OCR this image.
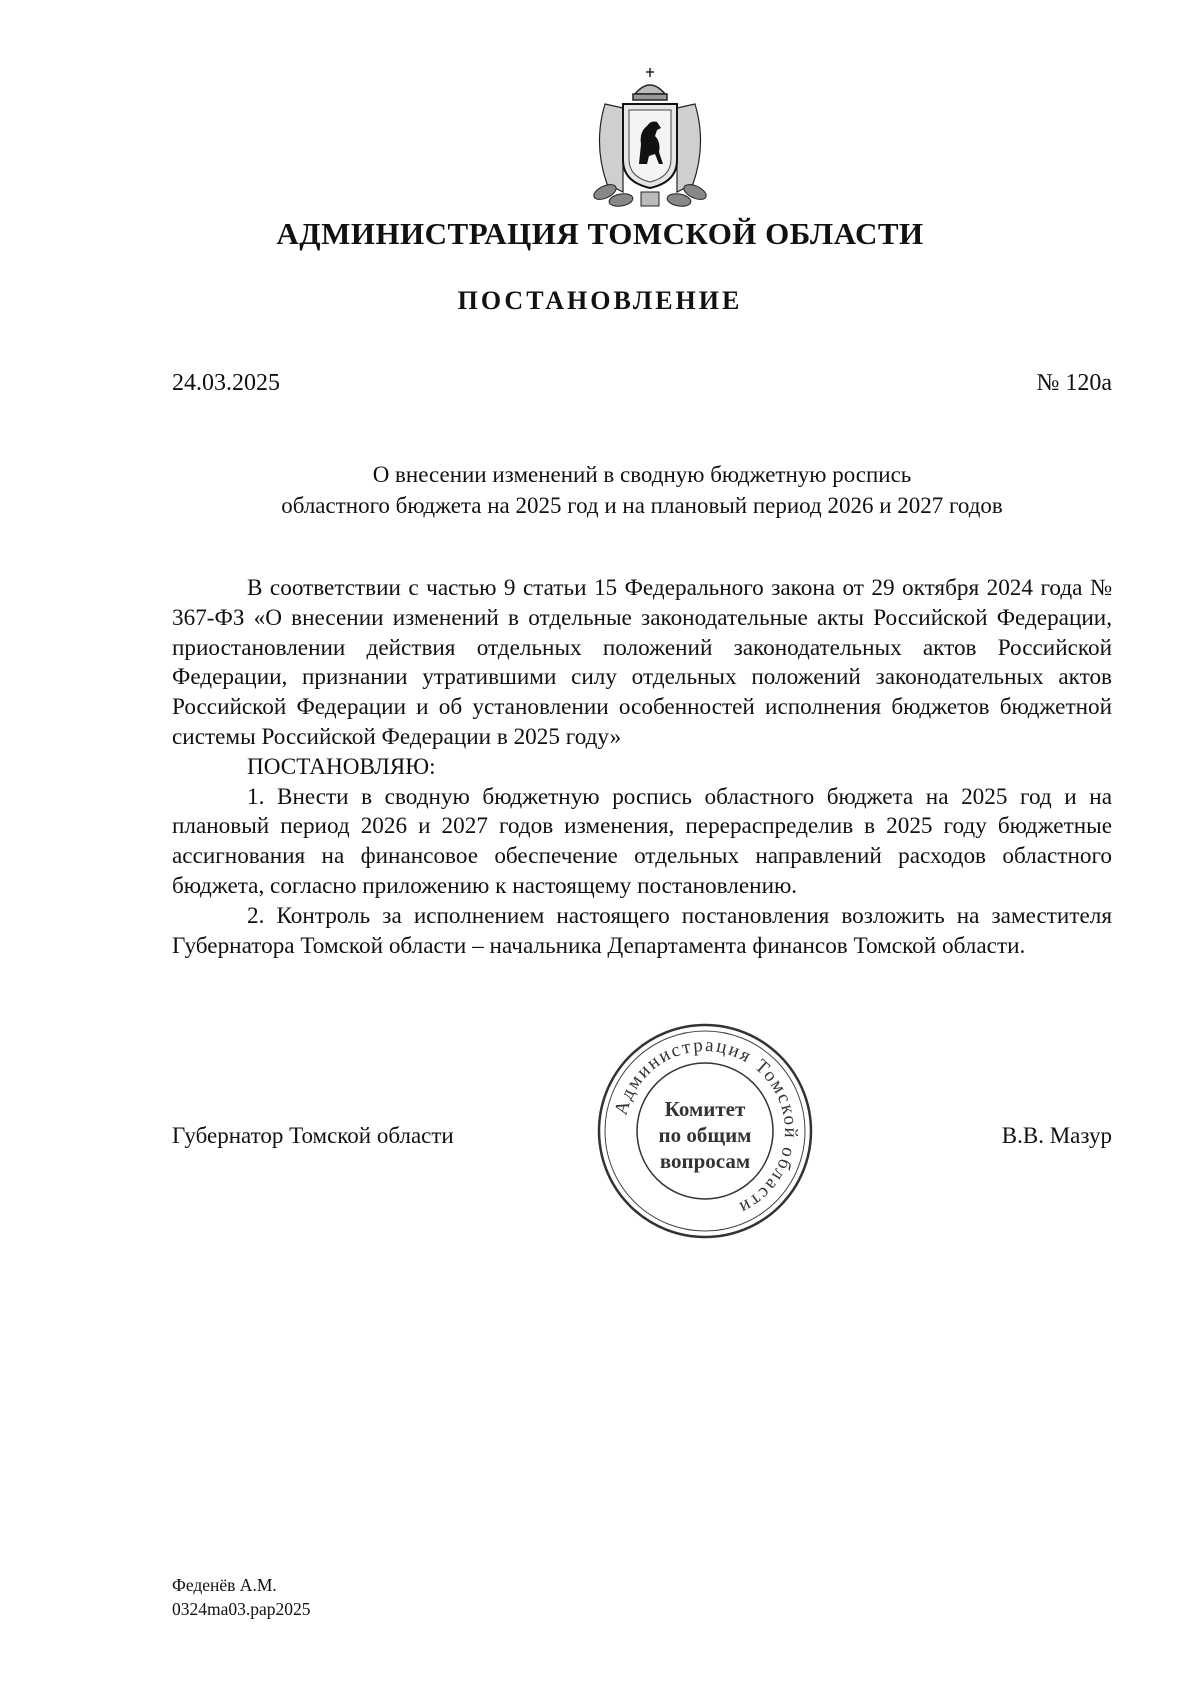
АДМИНИСТРАЦИЯ ТОМСКОЙ ОБЛАСТИ
ПОСТАНОВЛЕНИЕ
24.03.2025	№ 120а
О внесении изменений в сводную бюджетную роспись
областного бюджета на 2025 год и на плановый период 2026 и 2027 годов

В соответствии с частью 9 статьи 15 Федерального закона от 29 октября 2024 года № 367-ФЗ «О внесении изменений в отдельные законодательные акты Российской Федерации, приостановлении действия отдельных положений законодательных актов Российской Федерации, признании утратившими силу отдельных положений законодательных актов Российской Федерации и об установлении особенностей исполнения бюджетов бюджетной системы Российской Федерации в 2025 году»

ПОСТАНОВЛЯЮ:

1. Внести в сводную бюджетную роспись областного бюджета на 2025 год и на плановый период 2026 и 2027 годов изменения, перераспределив в 2025 году бюджетные ассигнования на финансовое обеспечение отдельных направлений расходов областного бюджета, согласно приложению к настоящему постановлению.

2. Контроль за исполнением настоящего постановления возложить на заместителя Губернатора Томской области – начальника Департамента финансов Томской области.

Губернатор Томской области	В.В. Мазур
Администрация Томской области
Комитет
по общим
вопросам
Феденёв А.М.
0324ma03.pap2025
